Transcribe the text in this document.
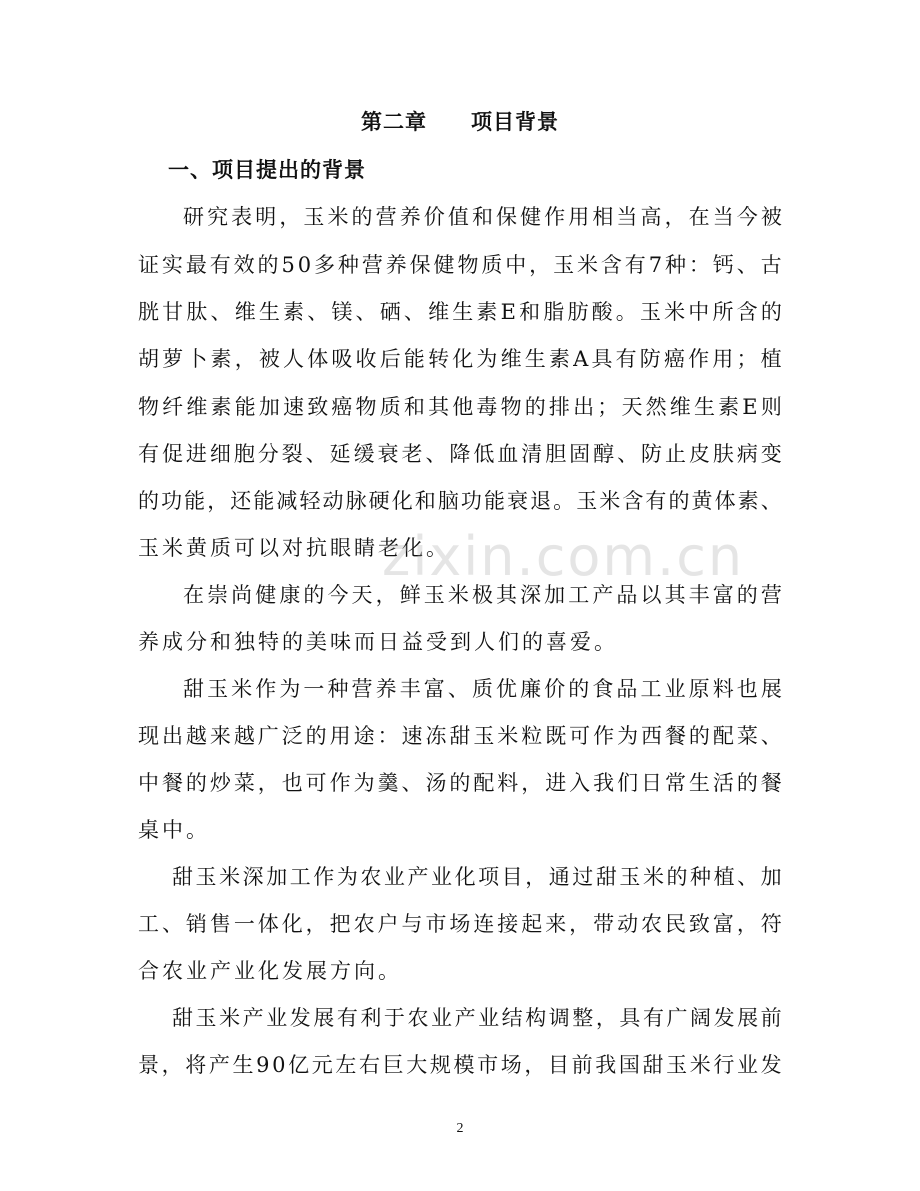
第二章 项目背景
一、项目提出的背景
研 究 表 明 ， 玉 米 的 营 养 价 值 和 保 健 作 用 相 当 高 ， 在 当 今 被
证 实 最 有 效 的 5 0 多 种 营 养 保 健 物 质 中 ， 玉 米 含 有 7 种 ： 钙 、 古
胱 甘 肽 、 维 生 素 、 镁 、 硒 、 维 生 素 E 和 脂 肪 酸 。 玉 米 中 所 含 的
胡 萝 卜 素 ， 被 人 体 吸 收 后 能 转 化 为 维 生 素 A 具 有 防 癌 作 用 ； 植
物 纤 维 素 能 加 速 致 癌 物 质 和 其 他 毒 物 的 排 出 ； 天 然 维 生 素 E 则
有 促 进 细 胞 分 裂 、 延 缓 衰 老 、 降 低 血 清 胆 固 醇 、 防 止 皮 肤 病 变
的 功 能 ， 还 能 减 轻 动 脉 硬 化 和 脑 功 能 衰 退 。 玉 米 含 有 的 黄 体 素 、
玉米黄质可以对抗眼睛老化。
在 崇 尚 健 康 的 今 天 ， 鲜 玉 米 极 其 深 加 工 产 品 以 其 丰 富 的 营
养成分和独特的美味而日益受到人们的喜爱。
甜 玉 米 作 为 一 种 营 养 丰 富 、 质 优 廉 价 的 食 品 工 业 原 料 也 展
现 出 越 来 越 广 泛 的 用 途 ： 速 冻 甜 玉 米 粒 既 可 作 为 西 餐 的 配 菜 、
中 餐 的 炒 菜 ， 也 可 作 为 羹 、 汤 的 配 料 ， 进 入 我 们 日 常 生 活 的 餐
桌中。
甜 玉 米 深 加 工 作 为 农 业 产 业 化 项 目 ， 通 过 甜 玉 米 的 种 植 、 加
工 、 销 售 一 体 化 ， 把 农 户 与 市 场 连 接 起 来 ， 带 动 农 民 致 富 ， 符
合农业产业化发展方向。
甜 玉 米 产 业 发 展 有 利 于 农 业 产 业 结 构 调 整 ， 具 有 广 阔 发 展 前
景 ， 将 产 生 9 0 亿 元 左 右 巨 大 规 模 市 场 ， 目 前 我 国 甜 玉 米 行 业 发
zixin.com.cn
2
